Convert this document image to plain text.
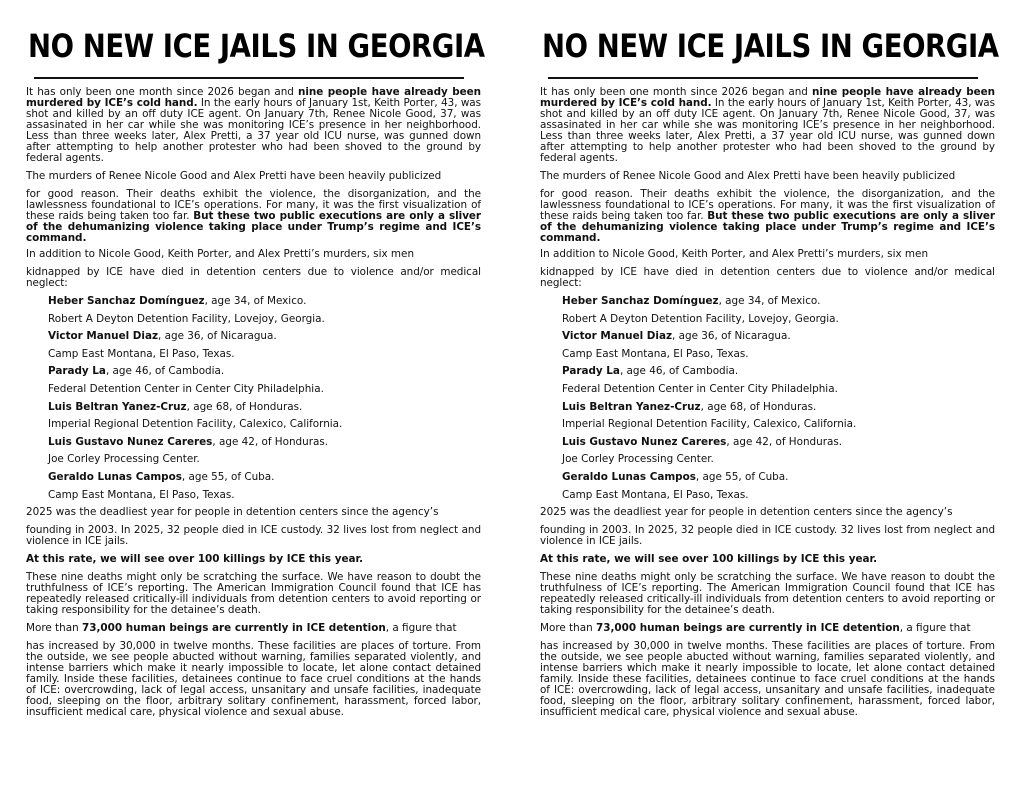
NO NEW ICE JAILS IN GEORGIA

It has only been one month since 2026 began and nine people have already been murdered by ICE’s cold hand. In the early hours of January 1st, Keith Porter, 43, was shot and killed by an off duty ICE agent. On January 7th, Renee Nicole Good, 37, was assasinated in her car while she was monitoring ICE’s presence in her neighborhood. Less than three weeks later, Alex Pretti, a 37 year old ICU nurse, was gunned down after attempting to help another protester who had been shoved to the ground by federal agents.

The murders of Renee Nicole Good and Alex Pretti have been heavily publicized

for good reason. Their deaths exhibit the violence, the disorganization, and the lawlessness foundational to ICE’s operations. For many, it was the first visualization of these raids being taken too far. But these two public executions are only a sliver of the dehumanizing violence taking place under Trump’s regime and ICE’s command.

In addition to Nicole Good, Keith Porter, and Alex Pretti’s murders, six men

kidnapped by ICE have died in detention centers due to violence and/or medical neglect:

Heber Sanchaz Domínguez, age 34, of Mexico.
Robert A Deyton Detention Facility, Lovejoy, Georgia.
Victor Manuel Diaz, age 36, of Nicaragua.
Camp East Montana, El Paso, Texas.
Parady La, age 46, of Cambodia.
Federal Detention Center in Center City Philadelphia.
Luis Beltran Yanez-Cruz, age 68, of Honduras.
Imperial Regional Detention Facility, Calexico, California.
Luis Gustavo Nunez Careres, age 42, of Honduras.
Joe Corley Processing Center.
Geraldo Lunas Campos, age 55, of Cuba.
Camp East Montana, El Paso, Texas.

2025 was the deadliest year for people in detention centers since the agency’s

founding in 2003. In 2025, 32 people died in ICE custody. 32 lives lost from neglect and violence in ICE jails.

At this rate, we will see over 100 killings by ICE this year.

These nine deaths might only be scratching the surface. We have reason to doubt the truthfulness of ICE’s reporting. The American Immigration Council found that ICE has repeatedly released critically-ill individuals from detention centers to avoid reporting or taking responsibility for the detainee’s death.

More than 73,000 human beings are currently in ICE detention, a figure that

has increased by 30,000 in twelve months. These facilities are places of torture. From the outside, we see people abucted without warning, families separated violently, and intense barriers which make it nearly impossible to locate, let alone contact detained family. Inside these facilities, detainees continue to face cruel conditions at the hands of ICE: overcrowding, lack of legal access, unsanitary and unsafe facilities, inadequate food, sleeping on the floor, arbitrary solitary confinement, harassment, forced labor, insufficient medical care, physical violence and sexual abuse.

NO NEW ICE JAILS IN GEORGIA

It has only been one month since 2026 began and nine people have already been murdered by ICE’s cold hand. In the early hours of January 1st, Keith Porter, 43, was shot and killed by an off duty ICE agent. On January 7th, Renee Nicole Good, 37, was assasinated in her car while she was monitoring ICE’s presence in her neighborhood. Less than three weeks later, Alex Pretti, a 37 year old ICU nurse, was gunned down after attempting to help another protester who had been shoved to the ground by federal agents.

The murders of Renee Nicole Good and Alex Pretti have been heavily publicized

for good reason. Their deaths exhibit the violence, the disorganization, and the lawlessness foundational to ICE’s operations. For many, it was the first visualization of these raids being taken too far. But these two public executions are only a sliver of the dehumanizing violence taking place under Trump’s regime and ICE’s command.

In addition to Nicole Good, Keith Porter, and Alex Pretti’s murders, six men

kidnapped by ICE have died in detention centers due to violence and/or medical neglect:

Heber Sanchaz Domínguez, age 34, of Mexico.
Robert A Deyton Detention Facility, Lovejoy, Georgia.
Victor Manuel Diaz, age 36, of Nicaragua.
Camp East Montana, El Paso, Texas.
Parady La, age 46, of Cambodia.
Federal Detention Center in Center City Philadelphia.
Luis Beltran Yanez-Cruz, age 68, of Honduras.
Imperial Regional Detention Facility, Calexico, California.
Luis Gustavo Nunez Careres, age 42, of Honduras.
Joe Corley Processing Center.
Geraldo Lunas Campos, age 55, of Cuba.
Camp East Montana, El Paso, Texas.

2025 was the deadliest year for people in detention centers since the agency’s

founding in 2003. In 2025, 32 people died in ICE custody. 32 lives lost from neglect and violence in ICE jails.

At this rate, we will see over 100 killings by ICE this year.

These nine deaths might only be scratching the surface. We have reason to doubt the truthfulness of ICE’s reporting. The American Immigration Council found that ICE has repeatedly released critically-ill individuals from detention centers to avoid reporting or taking responsibility for the detainee’s death.

More than 73,000 human beings are currently in ICE detention, a figure that

has increased by 30,000 in twelve months. These facilities are places of torture. From the outside, we see people abucted without warning, families separated violently, and intense barriers which make it nearly impossible to locate, let alone contact detained family. Inside these facilities, detainees continue to face cruel conditions at the hands of ICE: overcrowding, lack of legal access, unsanitary and unsafe facilities, inadequate food, sleeping on the floor, arbitrary solitary confinement, harassment, forced labor, insufficient medical care, physical violence and sexual abuse.
